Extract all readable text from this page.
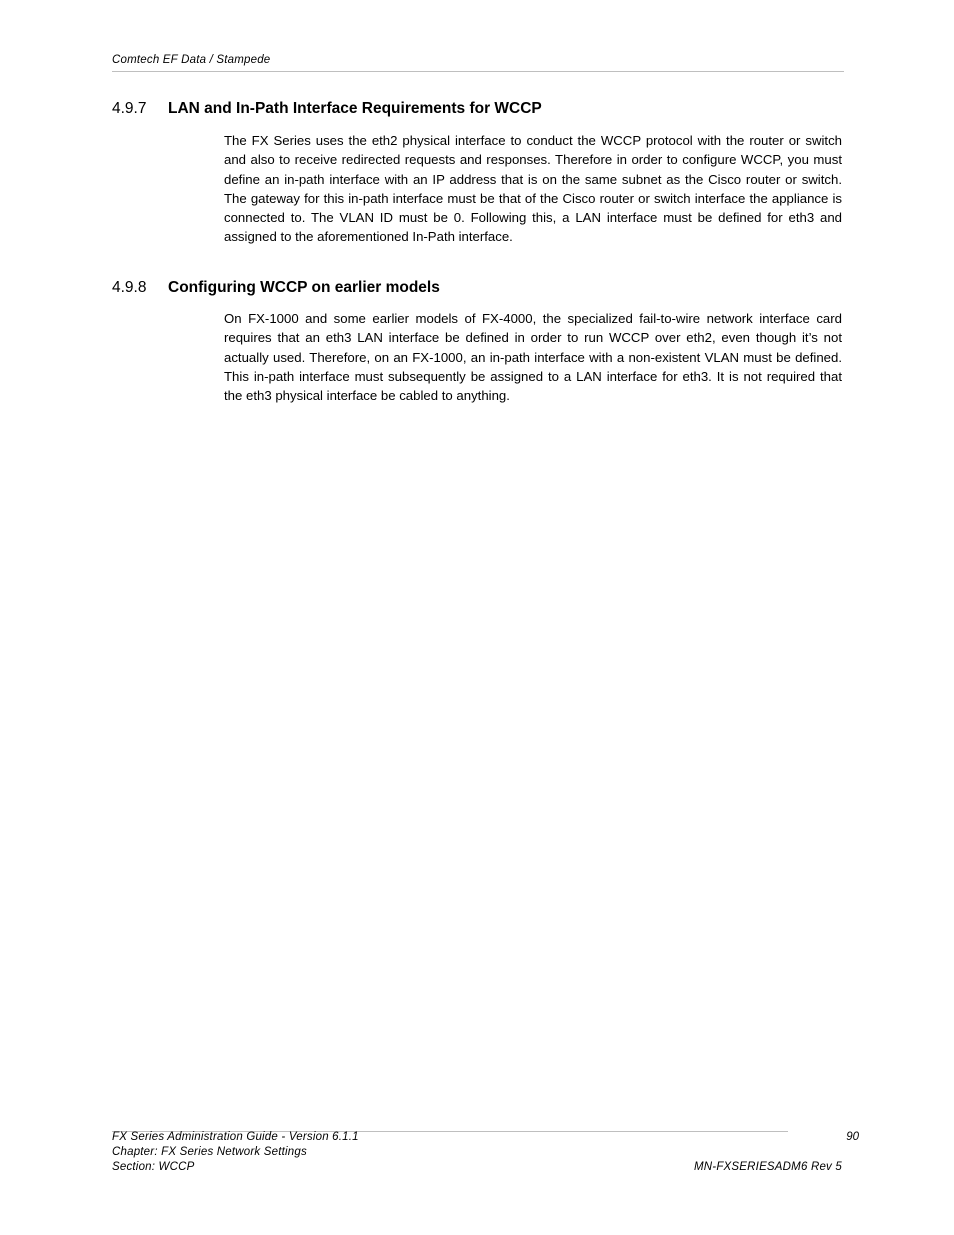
Comtech EF Data / Stampede
4.9.7 LAN and In-Path Interface Requirements for WCCP

The FX Series uses the eth2 physical interface to conduct the WCCP protocol with the router or switch and also to receive redirected requests and responses. Therefore in order to configure WCCP, you must define an in-path interface with an IP address that is on the same subnet as the Cisco router or switch. The gateway for this in-path interface must be that of the Cisco router or switch interface the appliance is connected to. The VLAN ID must be 0. Following this, a LAN interface must be defined for eth3 and assigned to the aforementioned In-Path interface.

4.9.8 Configuring WCCP on earlier models

On FX-1000 and some earlier models of FX-4000, the specialized fail-to-wire network interface card requires that an eth3 LAN interface be defined in order to run WCCP over eth2, even though it’s not actually used. Therefore, on an FX-1000, an in-path interface with a non-existent VLAN must be defined. This in-path interface must subsequently be assigned to a LAN interface for eth3. It is not required that the eth3 physical interface be cabled to anything.

FX Series Administration Guide - Version 6.1.1	90
Chapter: FX Series Network Settings
Section: WCCP	MN-FXSERIESADM6 Rev 5
